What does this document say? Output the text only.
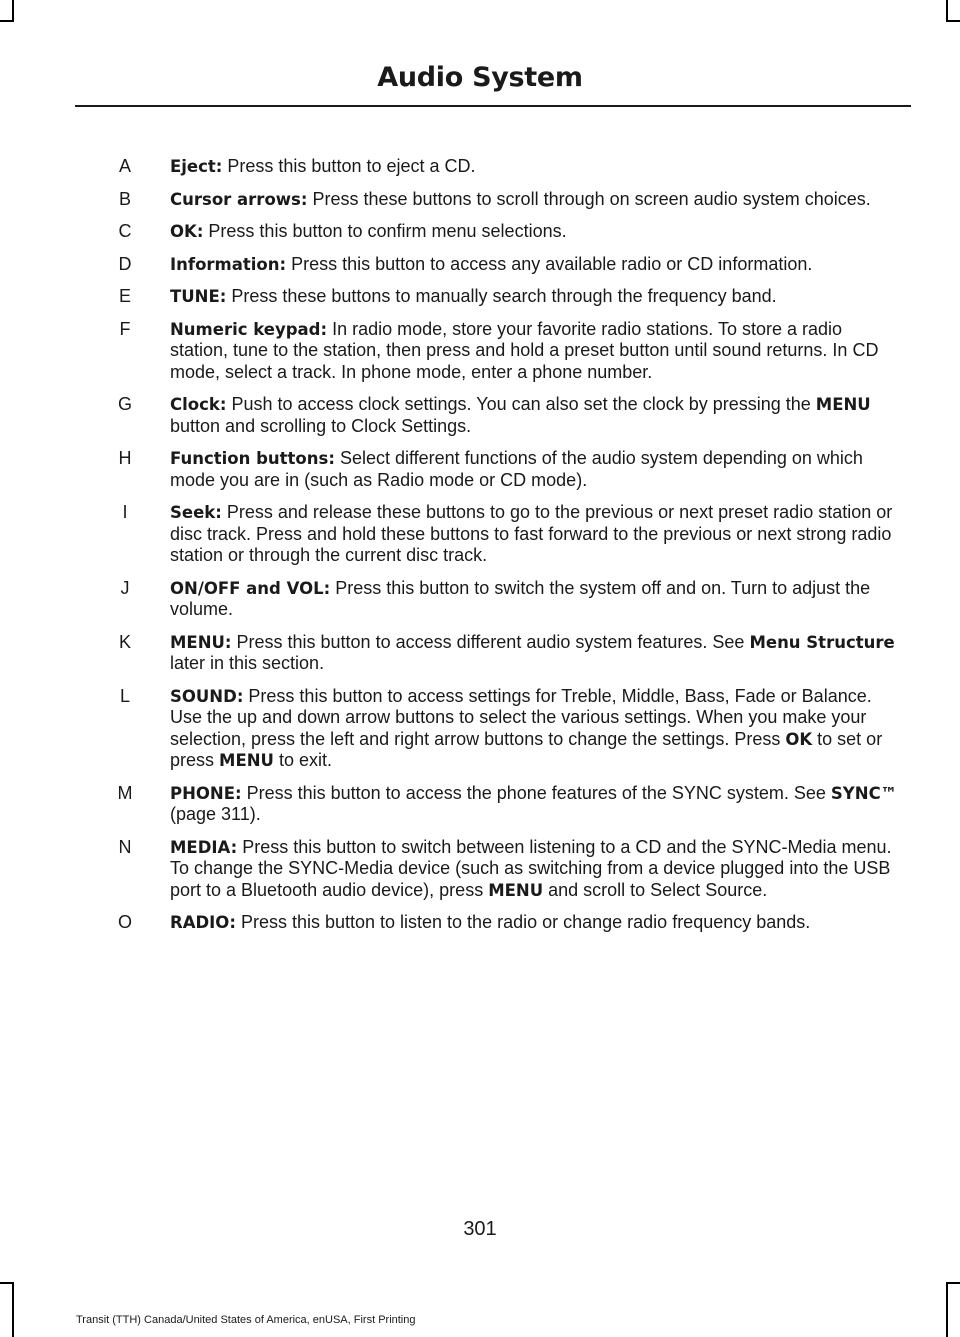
Audio System
A	Eject: Press this button to eject a CD.
B	Cursor arrows: Press these buttons to scroll through on screen audio system choices.
C	OK: Press this button to confirm menu selections.
D	Information: Press this button to access any available radio or CD information.
E	TUNE: Press these buttons to manually search through the frequency band.
F	Numeric keypad: In radio mode, store your favorite radio stations. To store a radio station, tune to the station, then press and hold a preset button until sound returns. In CD mode, select a track. In phone mode, enter a phone number.
G	Clock: Push to access clock settings. You can also set the clock by pressing the MENU button and scrolling to Clock Settings.
H	Function buttons: Select different functions of the audio system depending on which mode you are in (such as Radio mode or CD mode).
I	Seek: Press and release these buttons to go to the previous or next preset radio station or disc track. Press and hold these buttons to fast forward to the previous or next strong radio station or through the current disc track.
J	ON/OFF and VOL: Press this button to switch the system off and on. Turn to adjust the volume.
K	MENU: Press this button to access different audio system features. See Menu Structure later in this section.
L	SOUND: Press this button to access settings for Treble, Middle, Bass, Fade or Balance. Use the up and down arrow buttons to select the various settings. When you make your selection, press the left and right arrow buttons to change the settings. Press OK to set or press MENU to exit.
M PHONE: Press this button to access the phone features of the SYNC system. See SYNC™ (page 311).
N	MEDIA: Press this button to switch between listening to a CD and the SYNC-Media menu. To change the SYNC-Media device (such as switching from a device plugged into the USB port to a Bluetooth audio device), press MENU and scroll to Select Source.
O	RADIO: Press this button to listen to the radio or change radio frequency bands.
301
Transit (TTH) Canada/United States of America, enUSA, First Printing
